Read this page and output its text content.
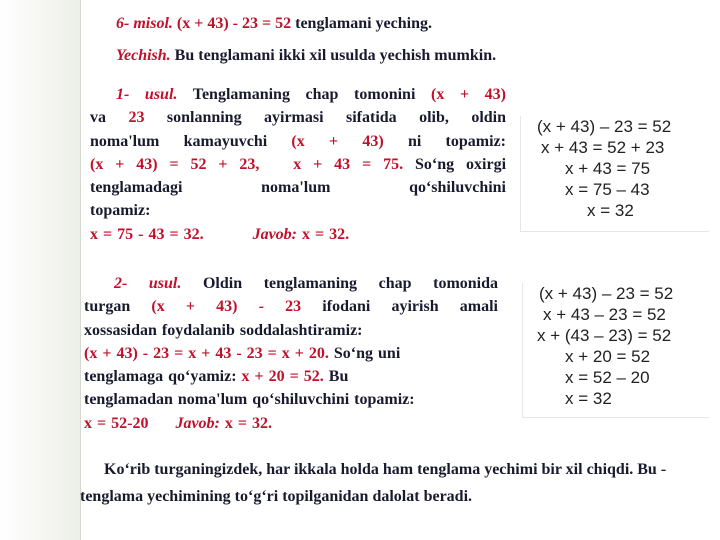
6- misol. (x + 43) - 23 = 52 tenglamani yeching.
Yechish. Bu tenglamani ikki xil usulda yechish mumkin.
1- usul. Tenglamaning chap tomonini (x + 43)
va 23 sonlanning ayirmasi sifatida olib, oldin
noma'lum kamayuvchi (x + 43) ni topamiz:
(x + 43) = 52 + 23, x + 43 = 75. So‘ng oxirgi
tenglamadagi noma'lum qo‘shiluvchini
topamiz:
x = 75 - 43 = 32.	Javob: x = 32.
(x + 43) – 23 = 52
x + 43 = 52 + 23
x + 43 = 75
x = 75 – 43
x = 32
2- usul. Oldin tenglamaning chap tomonida
turgan (x + 43) - 23 ifodani ayirish amali
xossasidan foydalanib soddalashtiramiz:
(x + 43) - 23 = x + 43 - 23 = x + 20. So‘ng uni
tenglamaga qo‘yamiz: x + 20 = 52. Bu
tenglamadan noma'lum qo‘shiluvchini topamiz:
x = 52-20 Javob: x = 32.
(x + 43) – 23 = 52
x + 43 – 23 = 52
x + (43 – 23) = 52
x + 20 = 52
x = 52 – 20
x = 32
Ko‘rib turganingizdek, har ikkala holda ham tenglama yechimi bir xil chiqdi. Bu -tenglama yechimining to‘g‘ri topilganidan dalolat beradi.
